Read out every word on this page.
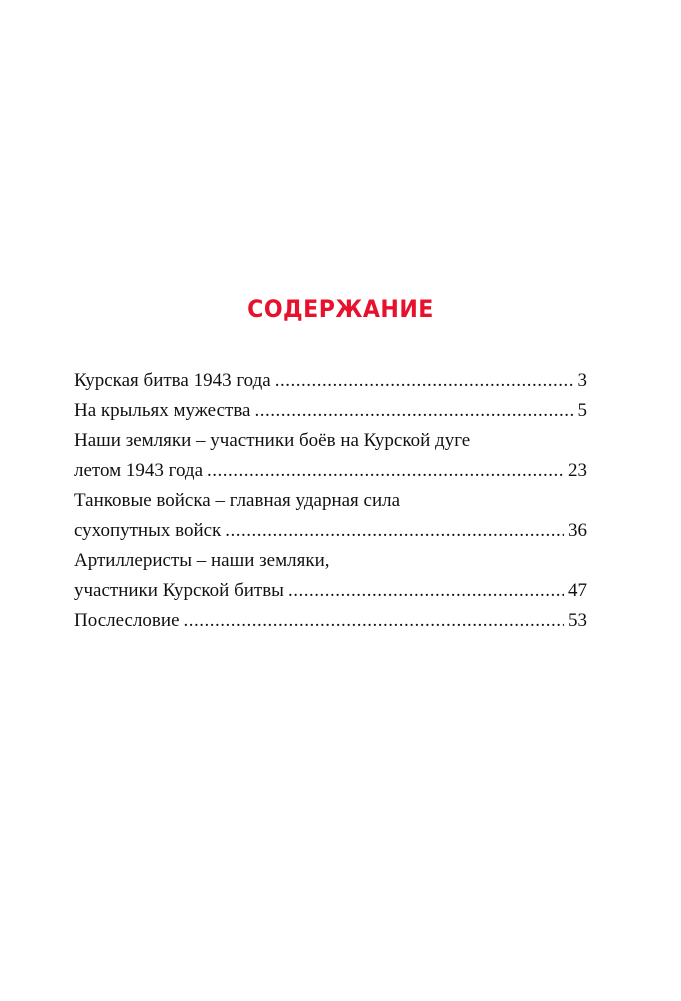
СОДЕРЖАНИЕ
Курская битва 1943 года .....	3
На крыльях мужества .....	5
Наши земляки – участники боёв на Курской дуге
летом 1943 года .....	23
Танковые войска – главная ударная сила
сухопутных войск .....	36
Артиллеристы – наши земляки,
участники Курской битвы .....	47
Послесловие .....	53
